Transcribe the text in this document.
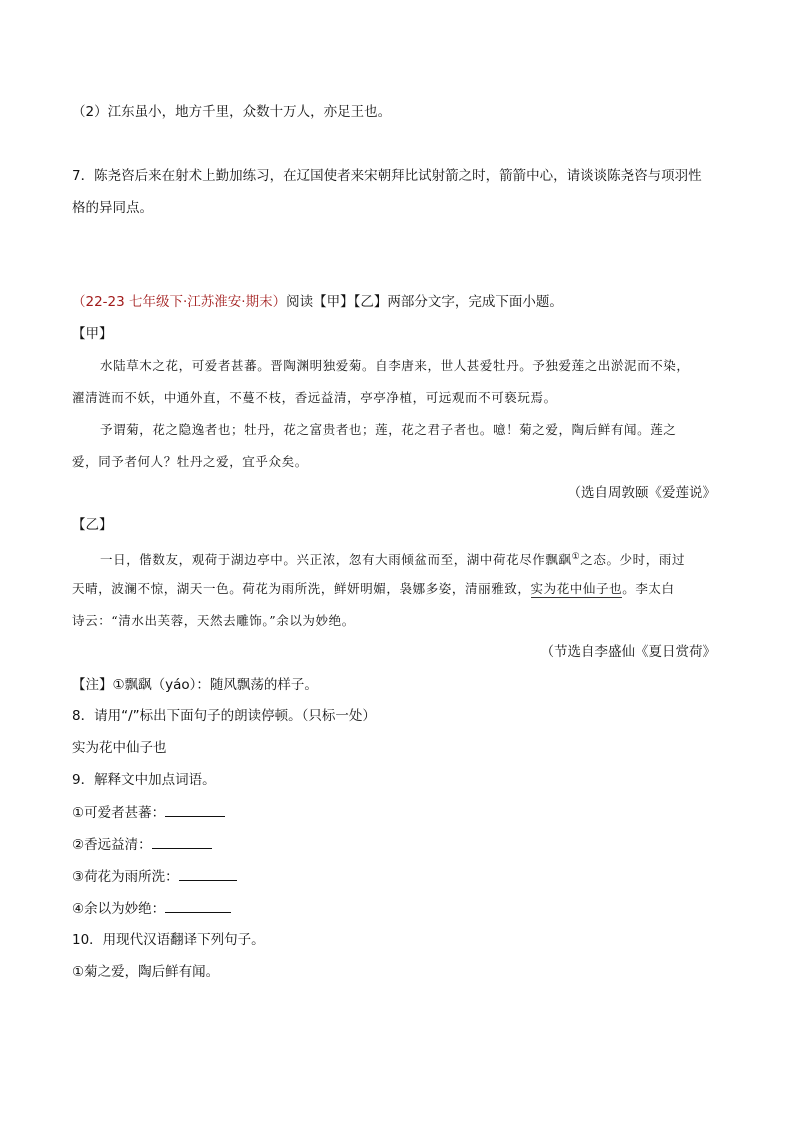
（2）江东虽小，地方千里，众数十万人，亦足王也。
7．陈尧咨后来在射术上勤加练习，在辽国使者来宋朝拜比试射箭之时，箭箭中心，请谈谈陈尧咨与项羽性
格的异同点。
（22-23 七年级下·江苏淮安·期末）阅读【甲】【乙】两部分文字，完成下面小题。
【甲】
水陆草木之花，可爱者甚蕃。晋陶渊明独爱菊。自李唐来，世人甚爱牡丹。予独爱莲之出淤泥而不染，
濯清涟而不妖，中通外直，不蔓不枝，香远益清，亭亭净植，可远观而不可亵玩焉。
予谓菊，花之隐逸者也；牡丹，花之富贵者也；莲，花之君子者也。噫！菊之爱，陶后鲜有闻。莲之
爱，同予者何人？牡丹之爱，宜乎众矣。
（选自周敦颐《爱莲说》
【乙】
一日，偕数友，观荷于湖边亭中。兴正浓，忽有大雨倾盆而至，湖中荷花尽作飘飖①之态。少时，雨过
天晴，波澜不惊，湖天一色。荷花为雨所洗，鲜妍明媚，袅娜多姿，清丽雅致，实为花中仙子也。李太白
诗云：“清水出芙蓉，天然去雕饰。”余以为妙绝。
（节选自李盛仙《夏日赏荷》
【注】①飘飖（yáo）：随风飘荡的样子。
8．请用“/”标出下面句子的朗读停顿。（只标一处）
实为花中仙子也
9．解释文中加点词语。
①可爱者甚蕃：
②香远益清：
③荷花为雨所洗：
④余以为妙绝：
10．用现代汉语翻译下列句子。
①菊之爱，陶后鲜有闻。
